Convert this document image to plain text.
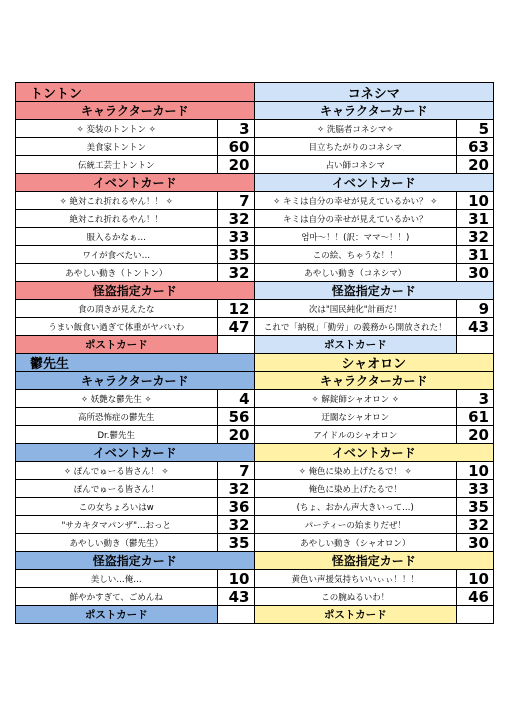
トントン	コネシマ
キャラクターカード	キャラクターカード
✧ 変装のトントン ✧	3	✧ 洗脳者コネシマ✧	5
美食家トントン	60	目立ちたがりのコネシマ	63
伝統工芸士トントン	20	占い師コネシマ	20
イベントカード	イベントカード
✧ 絶対これ折れるやん！！ ✧	7	✧ キミは自分の幸せが見えているかい？ ✧	10
絶対これ折れるやん！！	32	キミは自分の幸せが見えているかい？	31
服入るかなぁ…	33	엄마～！！(訳：ママ～！！)	32
ワイが食べたい…	35	この絵、ちゃうな！！	31
あやしい動き（トントン）	32	あやしい動き（コネシマ）	30
怪盗指定カード	怪盗指定カード
食の頂きが見えたな	12	次は"国民純化"計画だ！	9
うまい飯食い過ぎて体重がヤバいわ	47	これで「納税」「勤労」の義務から開放された！	43
ポストカード	ポストカード
鬱先生	シャオロン
キャラクターカード	キャラクターカード
✧ 妖艶な鬱先生 ✧	4	✧ 解錠師シャオロン ✧	3
高所恐怖症の鬱先生	56	迂闊なシャオロン	61
Dr.鬱先生	20	アイドルのシャオロン	20
イベントカード	イベントカード
✧ ぽんでゅーる皆さん！ ✧	7	✧ 俺色に染め上げたるで！ ✧	10
ぽんでゅーる皆さん！	32	俺色に染め上げたるで！	33
この女ちょろいはw	36	(ちょ、おかん声大きいって…)	35
"サカキタマパンザ"…おっと	32	パーティーの始まりだぜ！	32
あやしい動き（鬱先生）	35	あやしい動き（シャオロン）	30
怪盗指定カード	怪盗指定カード
美しい…俺…	10	黄色い声援気持ちいいぃぃ！！！	10
鮮やかすぎて、ごめんね	43	この腕ぬるいわ！	46
ポストカード	ポストカード
